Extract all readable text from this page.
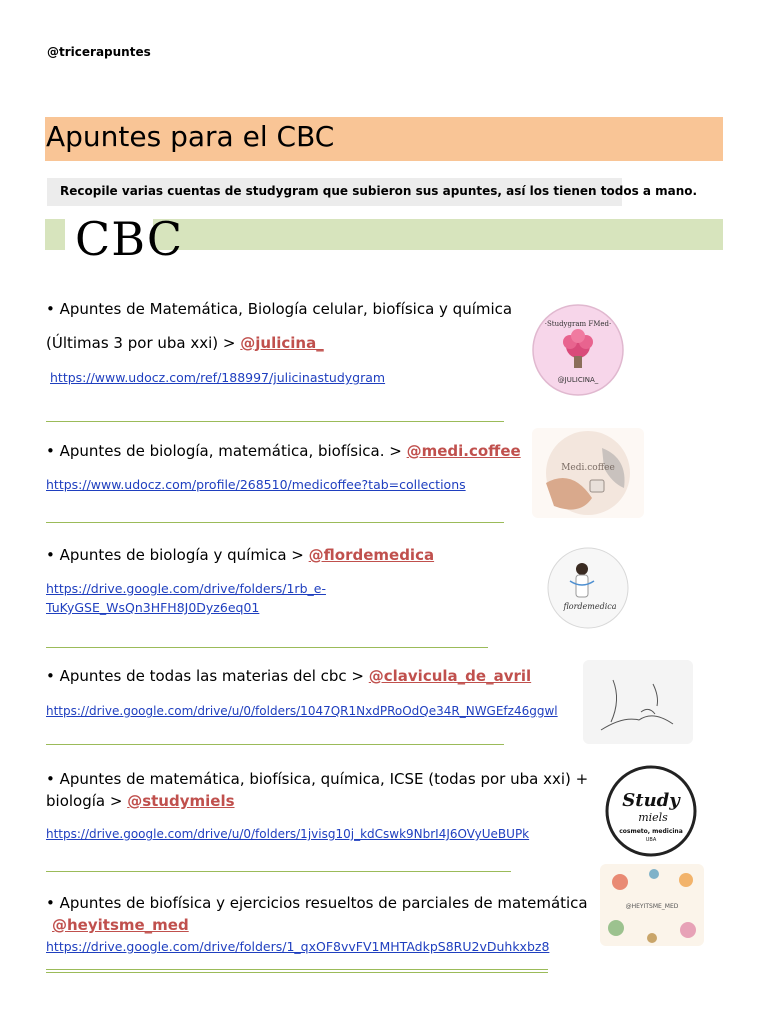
@tricerapuntes
Apuntes para el CBC
Recopile varias cuentas de studygram que subieron sus apuntes, así los tienen todos a mano.
CBC
• Apuntes de Matemática, Biología celular, biofísica y química
(Últimas 3 por uba xxi) > @julicina_
https://www.udocz.com/ref/188997/julicinastudygram
·Studygram FMed·
@JULICINA_
• Apuntes de biología, matemática, biofísica. > @medi.coffee
https://www.udocz.com/profile/268510/medicoffee?tab=collections
Medi.coffee
• Apuntes de biología y química > @flordemedica
https://drive.google.com/drive/folders/1rb_e-
TuKyGSE_WsQn3HFH8J0Dyz6eq01	flordemedica
• Apuntes de todas las materias del cbc > @clavicula_de_avril
https://drive.google.com/drive/u/0/folders/1047QR1NxdPRoOdQe34R_NWGEfz46ggwl
• Apuntes de matemática, biofísica, química, ICSE (todas por uba xxi) +
biología > @studymiels
https://drive.google.com/drive/u/0/folders/1jvisg10j_kdCswk9NbrI4J6OVyUeBUPk
Study
miels
cosmeto, medicina
UBA
• Apuntes de biofísica y ejercicios resueltos de parciales de matemática
@heyitsme_med
https://drive.google.com/drive/folders/1_qxOF8vvFV1MHTAdkpS8RU2vDuhkxbz8
@HEYITSME_MED
